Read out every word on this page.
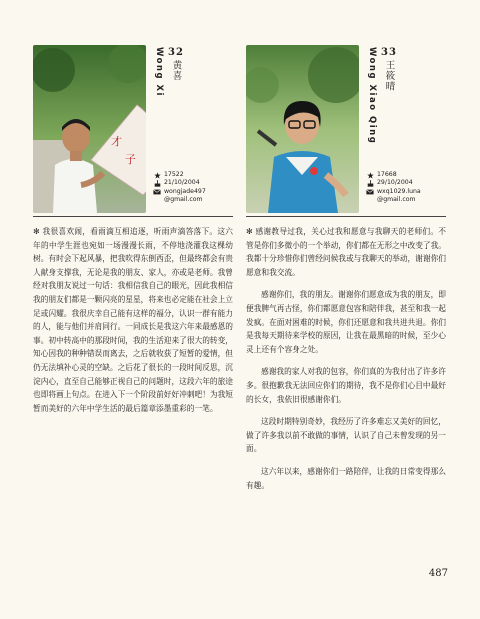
才
子
32
黄喜
Wong Xi
17522
21/10/2004
wongjade497
@gmail.com

✻ 我很喜欢闹，看雨滴互相追逐，听雨声滴答落下。这六年的中学生涯也宛如一场漫漫长雨，不停地浇灌我这棵幼树。有时会下起风暴，把我吹得东倒西歪，但最终都会有贵人献身支撑我，无论是我的朋友、家人，亦或是老师。我曾经对我朋友说过一句话：我相信我自己的眼光，因此我相信我的朋友们都是一颗闪亮的星星，将来也必定能在社会上立足或闪耀。我很庆幸自己能有这样的福分，认识一群有能力的人，能与他们并肩同行。一同成长是我这六年来最感恩的事。初中转高中的那段时间，我的生活迎来了很大的转变，知心因我的种种错误而离去，之后就收获了短暂的爱情，但仍无法填补心灵的空缺。之后花了很长的一段时间反思，沉淀内心，直至自己能够正视自己的问题时，这段六年的旅途也即将画上句点。在进入下一个阶段前好好冲刺吧！为我短暂而美好的六年中学生活的最后篇章添墨重彩的一笔。

33
王筱晴
Wong Xiao Qing
17668
29/10/2004
wxq1029.luna
@gmail.com

✻ 感谢教导过我，关心过我和愿意与我聊天的老师们。不管是你们多微小的一个举动，你们都在无形之中改变了我。我都十分珍惜你们曾经问候我或与我聊天的举动，谢谢你们愿意和我交流。

感谢你们，我的朋友。谢谢你们愿意成为我的朋友，即便我脾气再古怪，你们都愿意包容和陪伴我，甚至和我一起发疯。在面对困难的时候，你们还愿意和我共进共退。你们是我每天期待来学校的原因，让我在最黑暗的时候，至少心灵上还有个容身之处。

感谢我的家人对我的包容，你们真的为我付出了许多许多。很抱歉我无法回应你们的期待，我不是你们心目中最好的长女，我依旧很感谢你们。

这段时期特别奇妙，我经历了许多难忘又美好的回忆，做了许多我以前不敢做的事情，认识了自己未曾发现的另一面。

这六年以来，感谢你们一路陪伴，让我的日常变得那么有趣。

487
